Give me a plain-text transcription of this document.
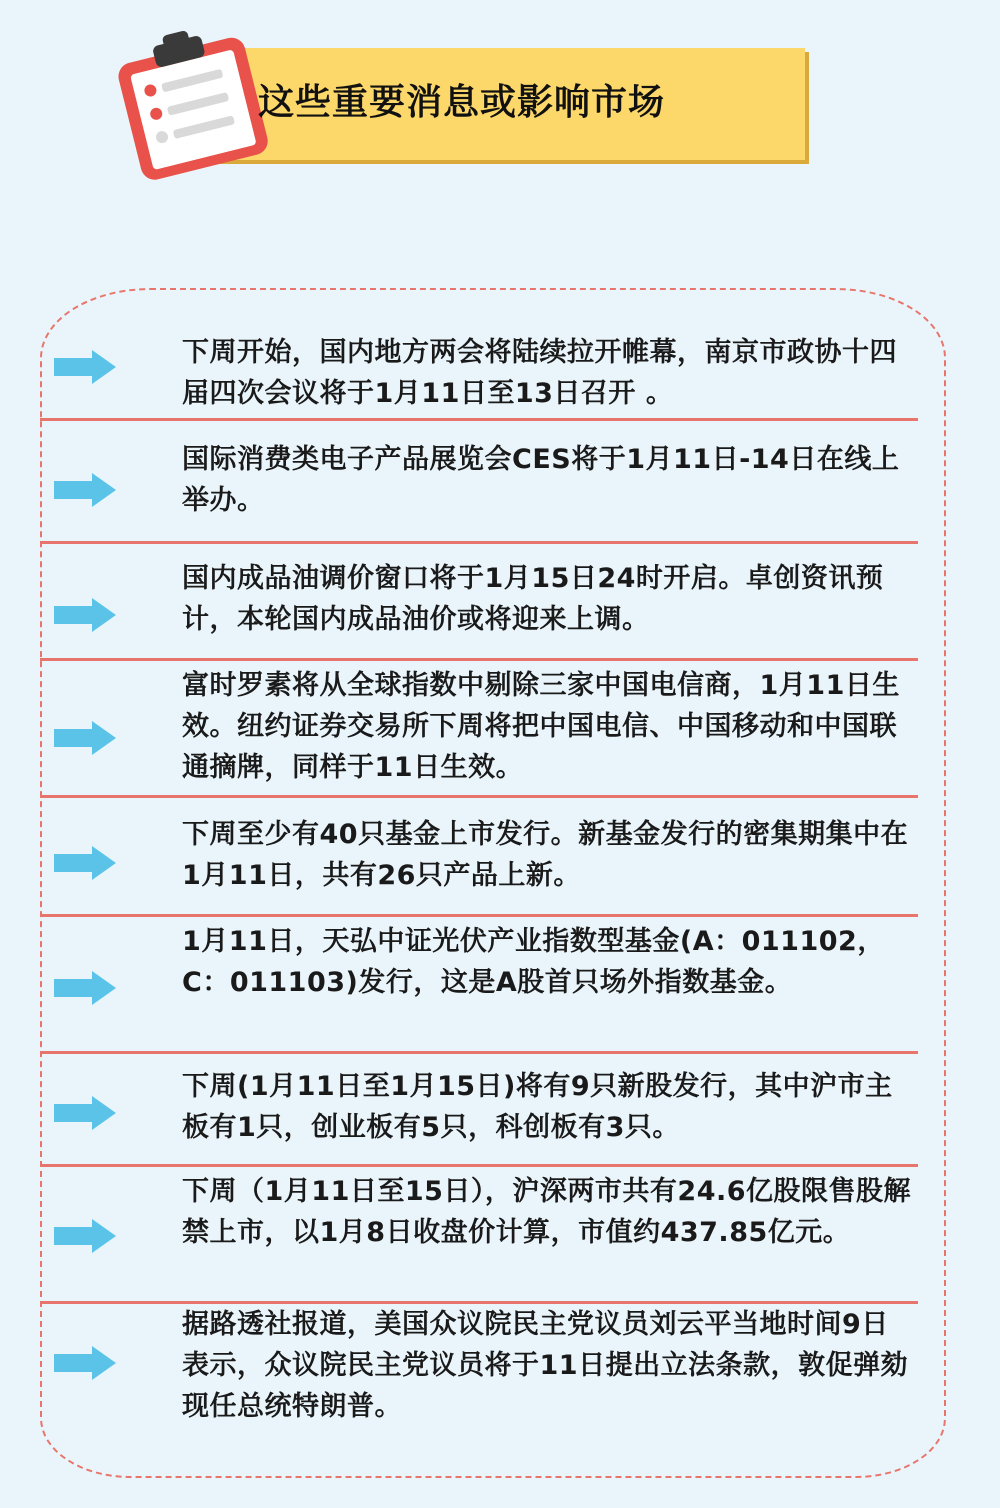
这些重要消息或影响市场
下周开始，国内地方两会将陆续拉开帷幕，南京市政协十四届四次会议将于1月11日至13日召开 。
国际消费类电子产品展览会CES将于1月11日-14日在线上举办。
国内成品油调价窗口将于1月15日24时开启。卓创资讯预计，本轮国内成品油价或将迎来上调。
富时罗素将从全球指数中剔除三家中国电信商，1月11日生效。纽约证券交易所下周将把中国电信、中国移动和中国联通摘牌，同样于11日生效。
下周至少有40只基金上市发行。新基金发行的密集期集中在1月11日，共有26只产品上新。
1月11日，天弘中证光伏产业指数型基金(A：011102，C：011103)发行，这是A股首只场外指数基金。
下周(1月11日至1月15日)将有9只新股发行，其中沪市主板有1只，创业板有5只，科创板有3只。
下周（1月11日至15日），沪深两市共有24.6亿股限售股解禁上市，以1月8日收盘价计算，市值约437.85亿元。
据路透社报道，美国众议院民主党议员刘云平当地时间9日表示，众议院民主党议员将于11日提出立法条款，敦促弹劾现任总统特朗普。
